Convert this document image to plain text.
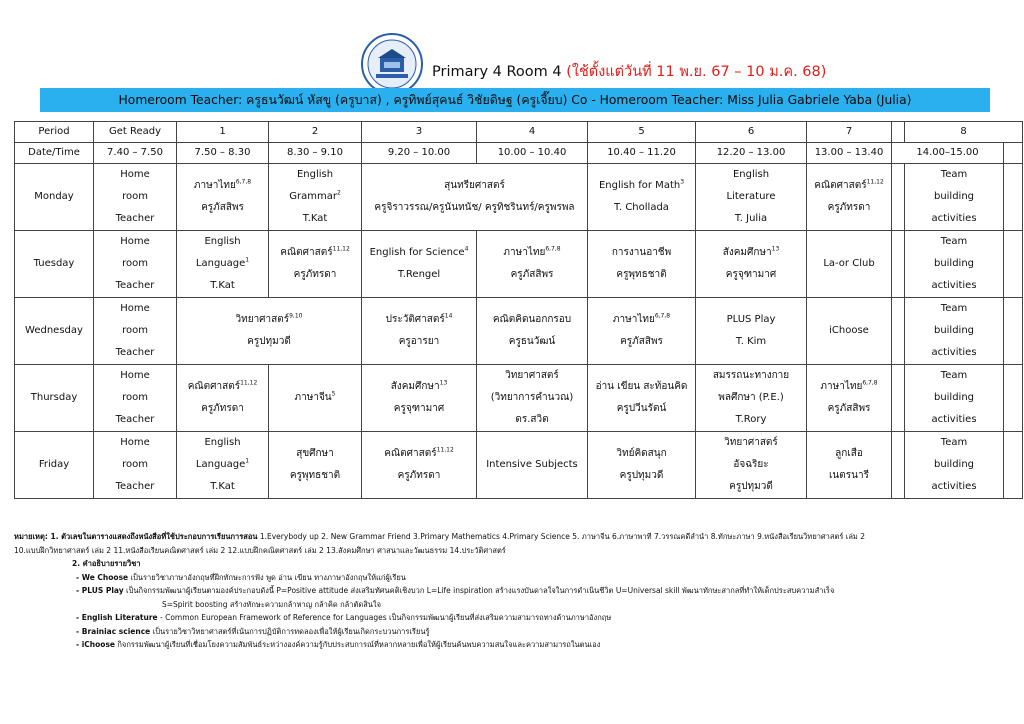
Primary 4 Room 4 (ใช้ตั้งแต่วันที่ 11 พ.ย. 67 – 10 ม.ค. 68)
Homeroom Teacher: ครูธนวัฒน์ หัสขู (ครูบาส) , ครูทิพย์สุคนธ์ วิชัยดิษฐ (ครูเจี๊ยบ) Co - Homeroom Teacher: Miss Julia Gabriele Yaba (Julia)
Period	Get Ready	1	2	3	4	5	6	7		8	
Date/Time	7.40 – 7.50	7.50 – 8.30	8.30 – 9.10	9.20 – 10.00	10.00 – 10.40	10.40 – 11.20	12.20 – 13.00	13.00 – 13.40	14.00–15.00		
Monday	Home
room
Teacher	ภาษาไทย$^{6,7,8}$
ครูภัสสิพร	English
Grammar$^2$
T.Kat	สุนทรียศาสตร์
ครูจิราวรรณ/ครูนันทนัช/ ครูทิชรินทร์/ครูพรพล		English for Math$^3$
T. Chollada	English
Literature
T. Julia	คณิตศาสตร์$^{11,12}$
ครูภัทรดา		Team
building
activities	
Tuesday	Home
room
Teacher	English Language$^1$
T.Kat	คณิตศาสตร์$^{11,12}$
ครูภัทรดา	English for Science$^4$
T.Rengel	ภาษาไทย$^{6,7,8}$
ครูภัสสิพร	การงานอาชีพ
ครูพุทธชาติ	สังคมศึกษา$^{13}$
ครูจุฑามาศ	La-or Club		Team
building
activities	
Wednesday	Home
room
Teacher	วิทยาศาสตร์$^{9,10}$
ครูปทุมวดี		ประวัติศาสตร์$^{14}$
ครูอารยา	คณิตคิดนอกกรอบ
ครูธนวัฒน์	ภาษาไทย$^{6,7,8}$
ครูภัสสิพร	PLUS Play
T. Kim	iChoose		Team
building
activities	
Thursday	Home
room
Teacher	คณิตศาสตร์$^{11,12}$
ครูภัทรดา	ภาษาจีน$^5$	สังคมศึกษา$^{13}$
ครูจุฑามาศ	วิทยาศาสตร์
(วิทยาการคำนวณ)
ดร.สวิต	อ่าน เขียน สะท้อนคิด
ครูปวีนรัตน์	สมรรถนะทางกาย
พลศึกษา (P.E.)
T.Rory	ภาษาไทย$^{6,7,8}$
ครูภัสสิพร		Team
building
activities	
Friday	Home
room
Teacher	English Language$^1$
T.Kat	สุขศึกษา
ครูพุทธชาติ	คณิตศาสตร์$^{11,12}$
ครูภัทรดา	Intensive Subjects	วิทย์คิดสนุก
ครูปทุมวดี	วิทยาศาสตร์
อัจฉริยะ
ครูปทุมวดี	ลูกเสือ
เนตรนารี		Team
building
activities	
หมายเหตุ: 1. ตัวเลขในตารางแสดงถึงหนังสือที่ใช้ประกอบการเรียนการสอน 1.Everybody up 2. New Grammar Friend 3.Primary Mathematics 4.Primary Science 5. ภาษาจีน 6.ภาษาพาที 7.วรรณคดีลำนำ 8.ทักษะภาษา 9.หนังสือเรียนวิทยาศาสตร์ เล่ม 2
10.แบบฝึกวิทยาศาสตร์ เล่ม 2 11.หนังสือเรียนคณิตศาสตร์ เล่ม 2 12.แบบฝึกคณิตศาสตร์ เล่ม 2 13.สังคมศึกษา ศาสนาและวัฒนธรรม 14.ประวัติศาสตร์
2. คำอธิบายรายวิชา
- We Choose เป็นรายวิชาภาษาอังกฤษที่ฝึกทักษะการฟัง พูด อ่าน เขียน ทางภาษาอังกฤษให้แก่ผู้เรียน
- PLUS Play เป็นกิจกรรมพัฒนาผู้เรียนตามองค์ประกอบดังนี้ P=Positive attitude ส่งเสริมทัศนคติเชิงบวก L=Life inspiration สร้างแรงบันดาลใจในการดำเนินชีวิต U=Universal skill พัฒนาทักษะสากลที่ทำให้เด็กประสบความสำเร็จ
S=Spirit boosting สร้างทักษะความกล้าหาญ กล้าคิด กล้าตัดสินใจ
- English Literature - Common European Framework of Reference for Languages เป็นกิจกรรมพัฒนาผู้เรียนที่ส่งเสริมความสามารถทางด้านภาษาอังกฤษ
- Brainiac science เป็นรายวิชาวิทยาศาสตร์ที่เน้นการปฏิบัติการทดลองเพื่อให้ผู้เรียนเกิดกระบวนการเรียนรู้
- iChoose กิจกรรมพัฒนาผู้เรียนที่เชื่อมโยงความสัมพันธ์ระหว่างองค์ความรู้กับประสบการณ์ที่หลากหลายเพื่อให้ผู้เรียนค้นพบความสนใจและความสามารถในตนเอง
